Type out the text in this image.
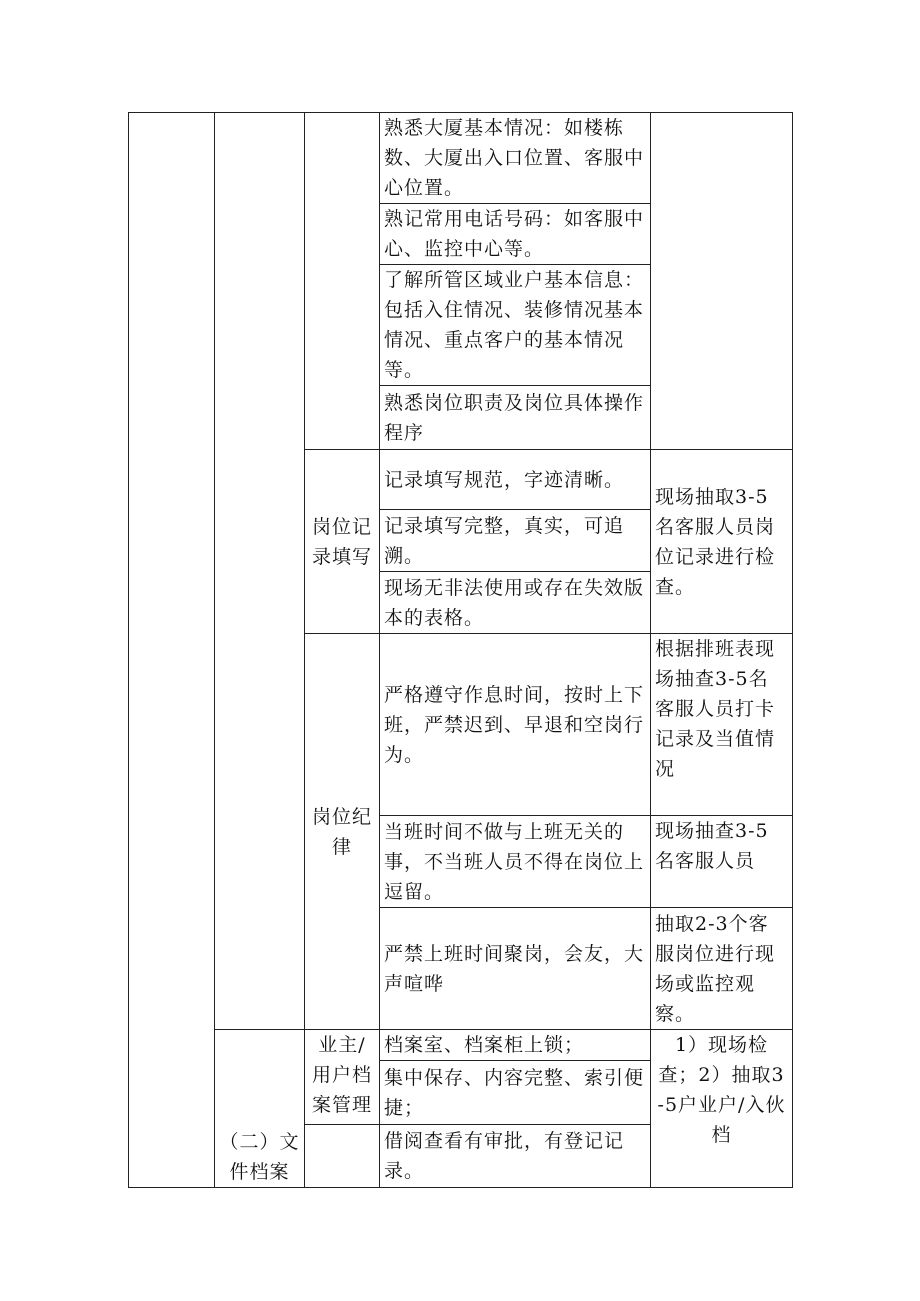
			熟悉大厦基本情况：如楼栋数、大厦出入口位置、客服中心位置。	
			熟记常用电话号码：如客服中心、监控中心等。	
			了解所管区域业户基本信息：包括入住情况、装修情况基本情况、重点客户的基本情况等。	
			熟悉岗位职责及岗位具体操作程序	
		岗位记录填写	记录填写规范，字迹清晰。	现场抽取3-5名客服人员岗位记录进行检查。
			记录填写完整，真实，可追溯。	
			现场无非法使用或存在失效版本的表格。	
		岗位纪律	严格遵守作息时间，按时上下班，严禁迟到、早退和空岗行为。	根据排班表现场抽查3-5名客服人员打卡记录及当值情况
			当班时间不做与上班无关的事，不当班人员不得在岗位上逗留。	现场抽查3-5名客服人员
			严禁上班时间聚岗，会友，大声喧哗	抽取2-3个客服岗位进行现场或监控观察。
	（二）文件档案	业主/用户档案管理	档案室、档案柜上锁；	1）现场检查；2）抽取3-5户业户/入伙档
			集中保存、内容完整、索引便捷；	
			借阅查看有审批，有登记记录。	
